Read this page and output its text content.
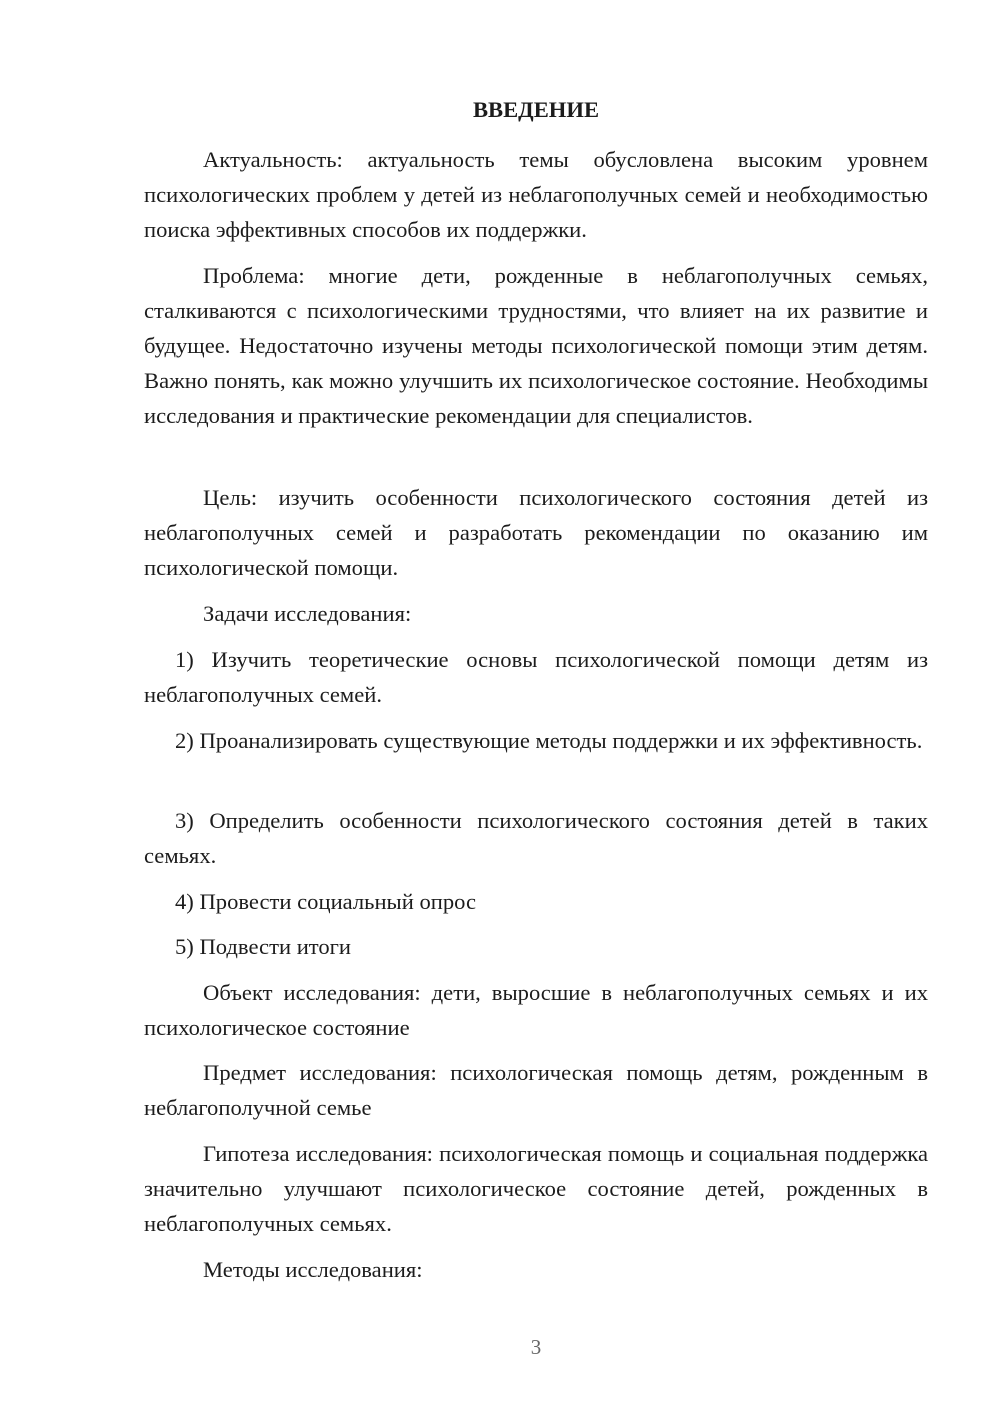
ВВЕДЕНИЕ

Актуальность: актуальность темы обусловлена высоким уровнем психологических проблем у детей из неблагополучных семей и необходимостью поиска эффективных способов их поддержки.

Проблема: многие дети, рожденные в неблагополучных семьях, сталкиваются с психологическими трудностями, что влияет на их развитие и будущее. Недостаточно изучены методы психологической помощи этим детям. Важно понять, как можно улучшить их психологическое состояние. Необходимы исследования и практические рекомендации для специалистов.

Цель: изучить особенности психологического состояния детей из неблагополучных семей и разработать рекомендации по оказанию им психологической помощи.

Задачи исследования:

1) Изучить теоретические основы психологической помощи детям из неблагополучных семей.

2) Проанализировать существующие методы поддержки и их эффективность.

3) Определить особенности психологического состояния детей в таких семьях.

4) Провести социальный опрос

5) Подвести итоги

Объект исследования: дети, выросшие в неблагополучных семьях и их психологическое состояние

Предмет исследования: психологическая помощь детям, рожденным в неблагополучной семье

Гипотеза исследования: психологическая помощь и социальная поддержка значительно улучшают психологическое состояние детей, рожденных в неблагополучных семьях.

Методы исследования:

3
